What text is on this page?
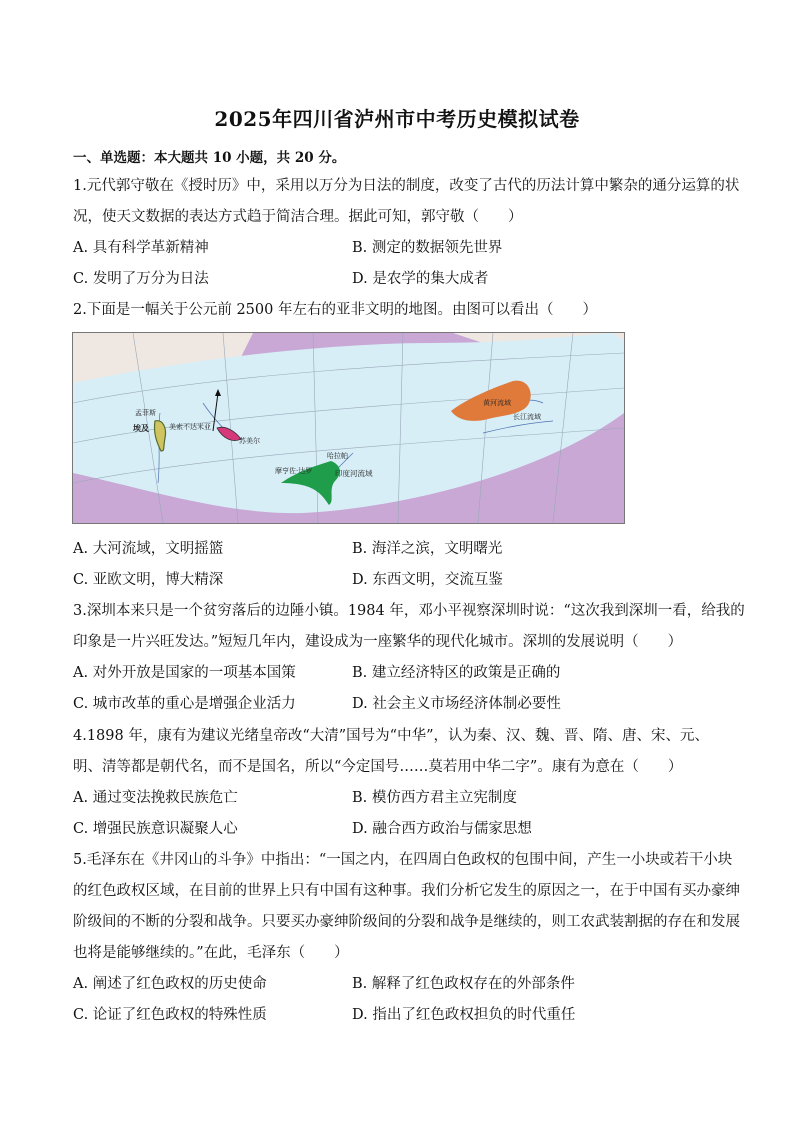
2025年四川省泸州市中考历史模拟试卷
一、单选题：本大题共 10 小题，共 20 分。
1.元代郭守敬在《授时历》中，采用以万分为日法的制度，改变了古代的历法计算中繁杂的通分运算的状
况，使天文数据的表达方式趋于简洁合理。据此可知，郭守敬（　　）
A. 具有科学革新精神	B. 测定的数据领先世界
C. 发明了万分为日法	D. 是农学的集大成者
2.下面是一幅关于公元前 2500 年左右的亚非文明的地图。由图可以看出（　　）
孟菲斯
埃及	美索不达米亚
苏美尔
哈拉帕
摩亨佐·达罗	印度河流域
黄河流域
长江流域
A. 大河流域，文明摇篮	B. 海洋之滨，文明曙光
C. 亚欧文明，博大精深	D. 东西文明，交流互鉴
3.深圳本来只是一个贫穷落后的边陲小镇。1984 年，邓小平视察深圳时说：“这次我到深圳一看，给我的
印象是一片兴旺发达。”短短几年内，建设成为一座繁华的现代化城市。深圳的发展说明（　　）
A. 对外开放是国家的一项基本国策	B. 建立经济特区的政策是正确的
C. 城市改革的重心是增强企业活力	D. 社会主义市场经济体制必要性
4.1898 年，康有为建议光绪皇帝改“大清”国号为“中华”，认为秦、汉、魏、晋、隋、唐、宋、元、
明、清等都是朝代名，而不是国名，所以“今定国号……莫若用中华二字”。康有为意在（　　）
A. 通过变法挽救民族危亡	B. 模仿西方君主立宪制度
C. 增强民族意识凝聚人心	D. 融合西方政治与儒家思想
5.毛泽东在《井冈山的斗争》中指出：“一国之内，在四周白色政权的包围中间，产生一小块或若干小块
的红色政权区域，在目前的世界上只有中国有这种事。我们分析它发生的原因之一，在于中国有买办豪绅
阶级间的不断的分裂和战争。只要买办豪绅阶级间的分裂和战争是继续的，则工农武装割据的存在和发展
也将是能够继续的。”在此，毛泽东（　　）
A. 阐述了红色政权的历史使命	B. 解释了红色政权存在的外部条件
C. 论证了红色政权的特殊性质	D. 指出了红色政权担负的时代重任
